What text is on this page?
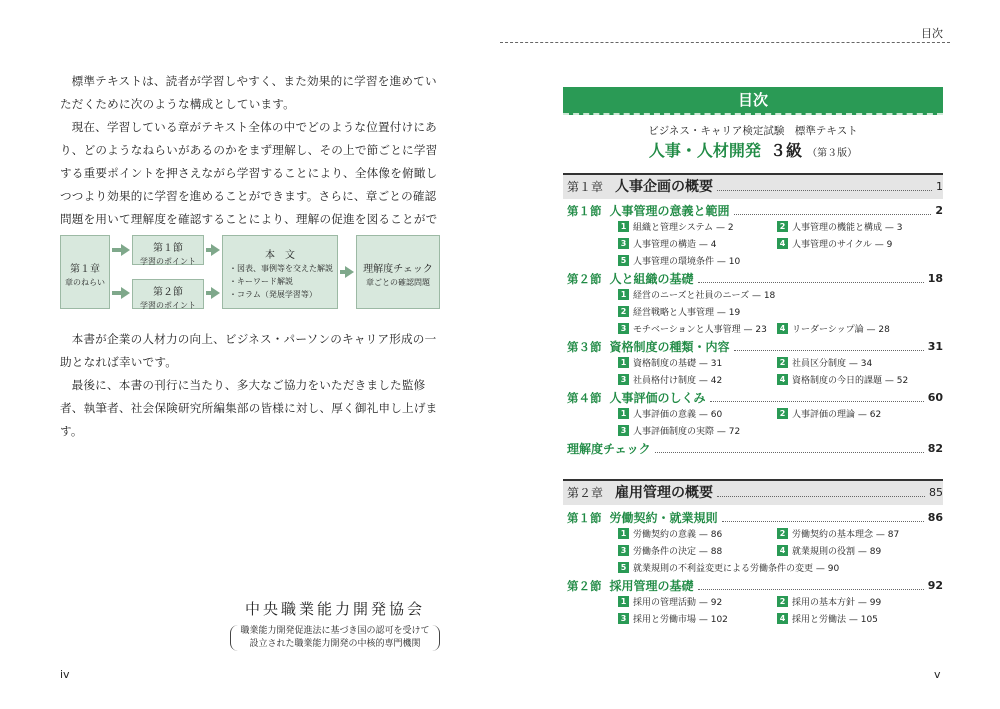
標準テキストは、読者が学習しやすく、また効果的に学習を進めていただくために次のような構成としています。

現在、学習している章がテキスト全体の中でどのような位置付けにあり、どのようなねらいがあるのかをまず理解し、その上で節ごとに学習する重要ポイントを押さえながら学習することにより、全体像を俯瞰しつつより効果的に学習を進めることができます。さらに、章ごとの確認問題を用いて理解度を確認することにより、理解の促進を図ることがで

第１章
章のねらい
第１節
学習のポイント
第２節
学習のポイント
本　文
・図表、事例等を交えた解説
・キーワード解説
・コラム（発展学習等）
理解度チェック
章ごとの確認問題

本書が企業の人材力の向上、ビジネス・パーソンのキャリア形成の一助となれば幸いです。

最後に、本書の刊行に当たり、多大なご協力をいただきました監修者、執筆者、社会保険研究所編集部の皆様に対し、厚く御礼申し上げます。

中央職業能力開発協会
職業能力開発促進法に基づき国の認可を受けて
設立された職業能力開発の中核的専門機関
iv
目次
目次
ビジネス・キャリア検定試験　標準テキスト
人事・人材開発 ３級 （第３版）
第１章 人事企画の概要	1
第１節 人事管理の意義と範囲	2
1 組織と管理システム — 2	2 人事管理の機能と構成 — 3
3 人事管理の構造 — 4	4 人事管理のサイクル — 9
5 人事管理の環境条件 — 10
第２節 人と組織の基礎	18
1 経営のニーズと社員のニーズ — 18
2 経営戦略と人事管理 — 19
3 モチベーションと人事管理 — 23	4 リーダーシップ論 — 28
第３節 資格制度の種類・内容	31
1 資格制度の基礎 — 31	2 社員区分制度 — 34
3 社員格付け制度 — 42	4 資格制度の今日的課題 — 52
第４節 人事評価のしくみ	60
1 人事評価の意義 — 60	2 人事評価の理論 — 62
3 人事評価制度の実際 — 72
理解度チェック	82
第２章 雇用管理の概要	85
第１節 労働契約・就業規則	86
1 労働契約の意義 — 86	2 労働契約の基本理念 — 87
3 労働条件の決定 — 88	4 就業規則の役割 — 89
5 就業規則の不利益変更による労働条件の変更 — 90
第２節 採用管理の基礎	92
1 採用の管理活動 — 92	2 採用の基本方針 — 99
3 採用と労働市場 — 102	4 採用と労働法 — 105
v
